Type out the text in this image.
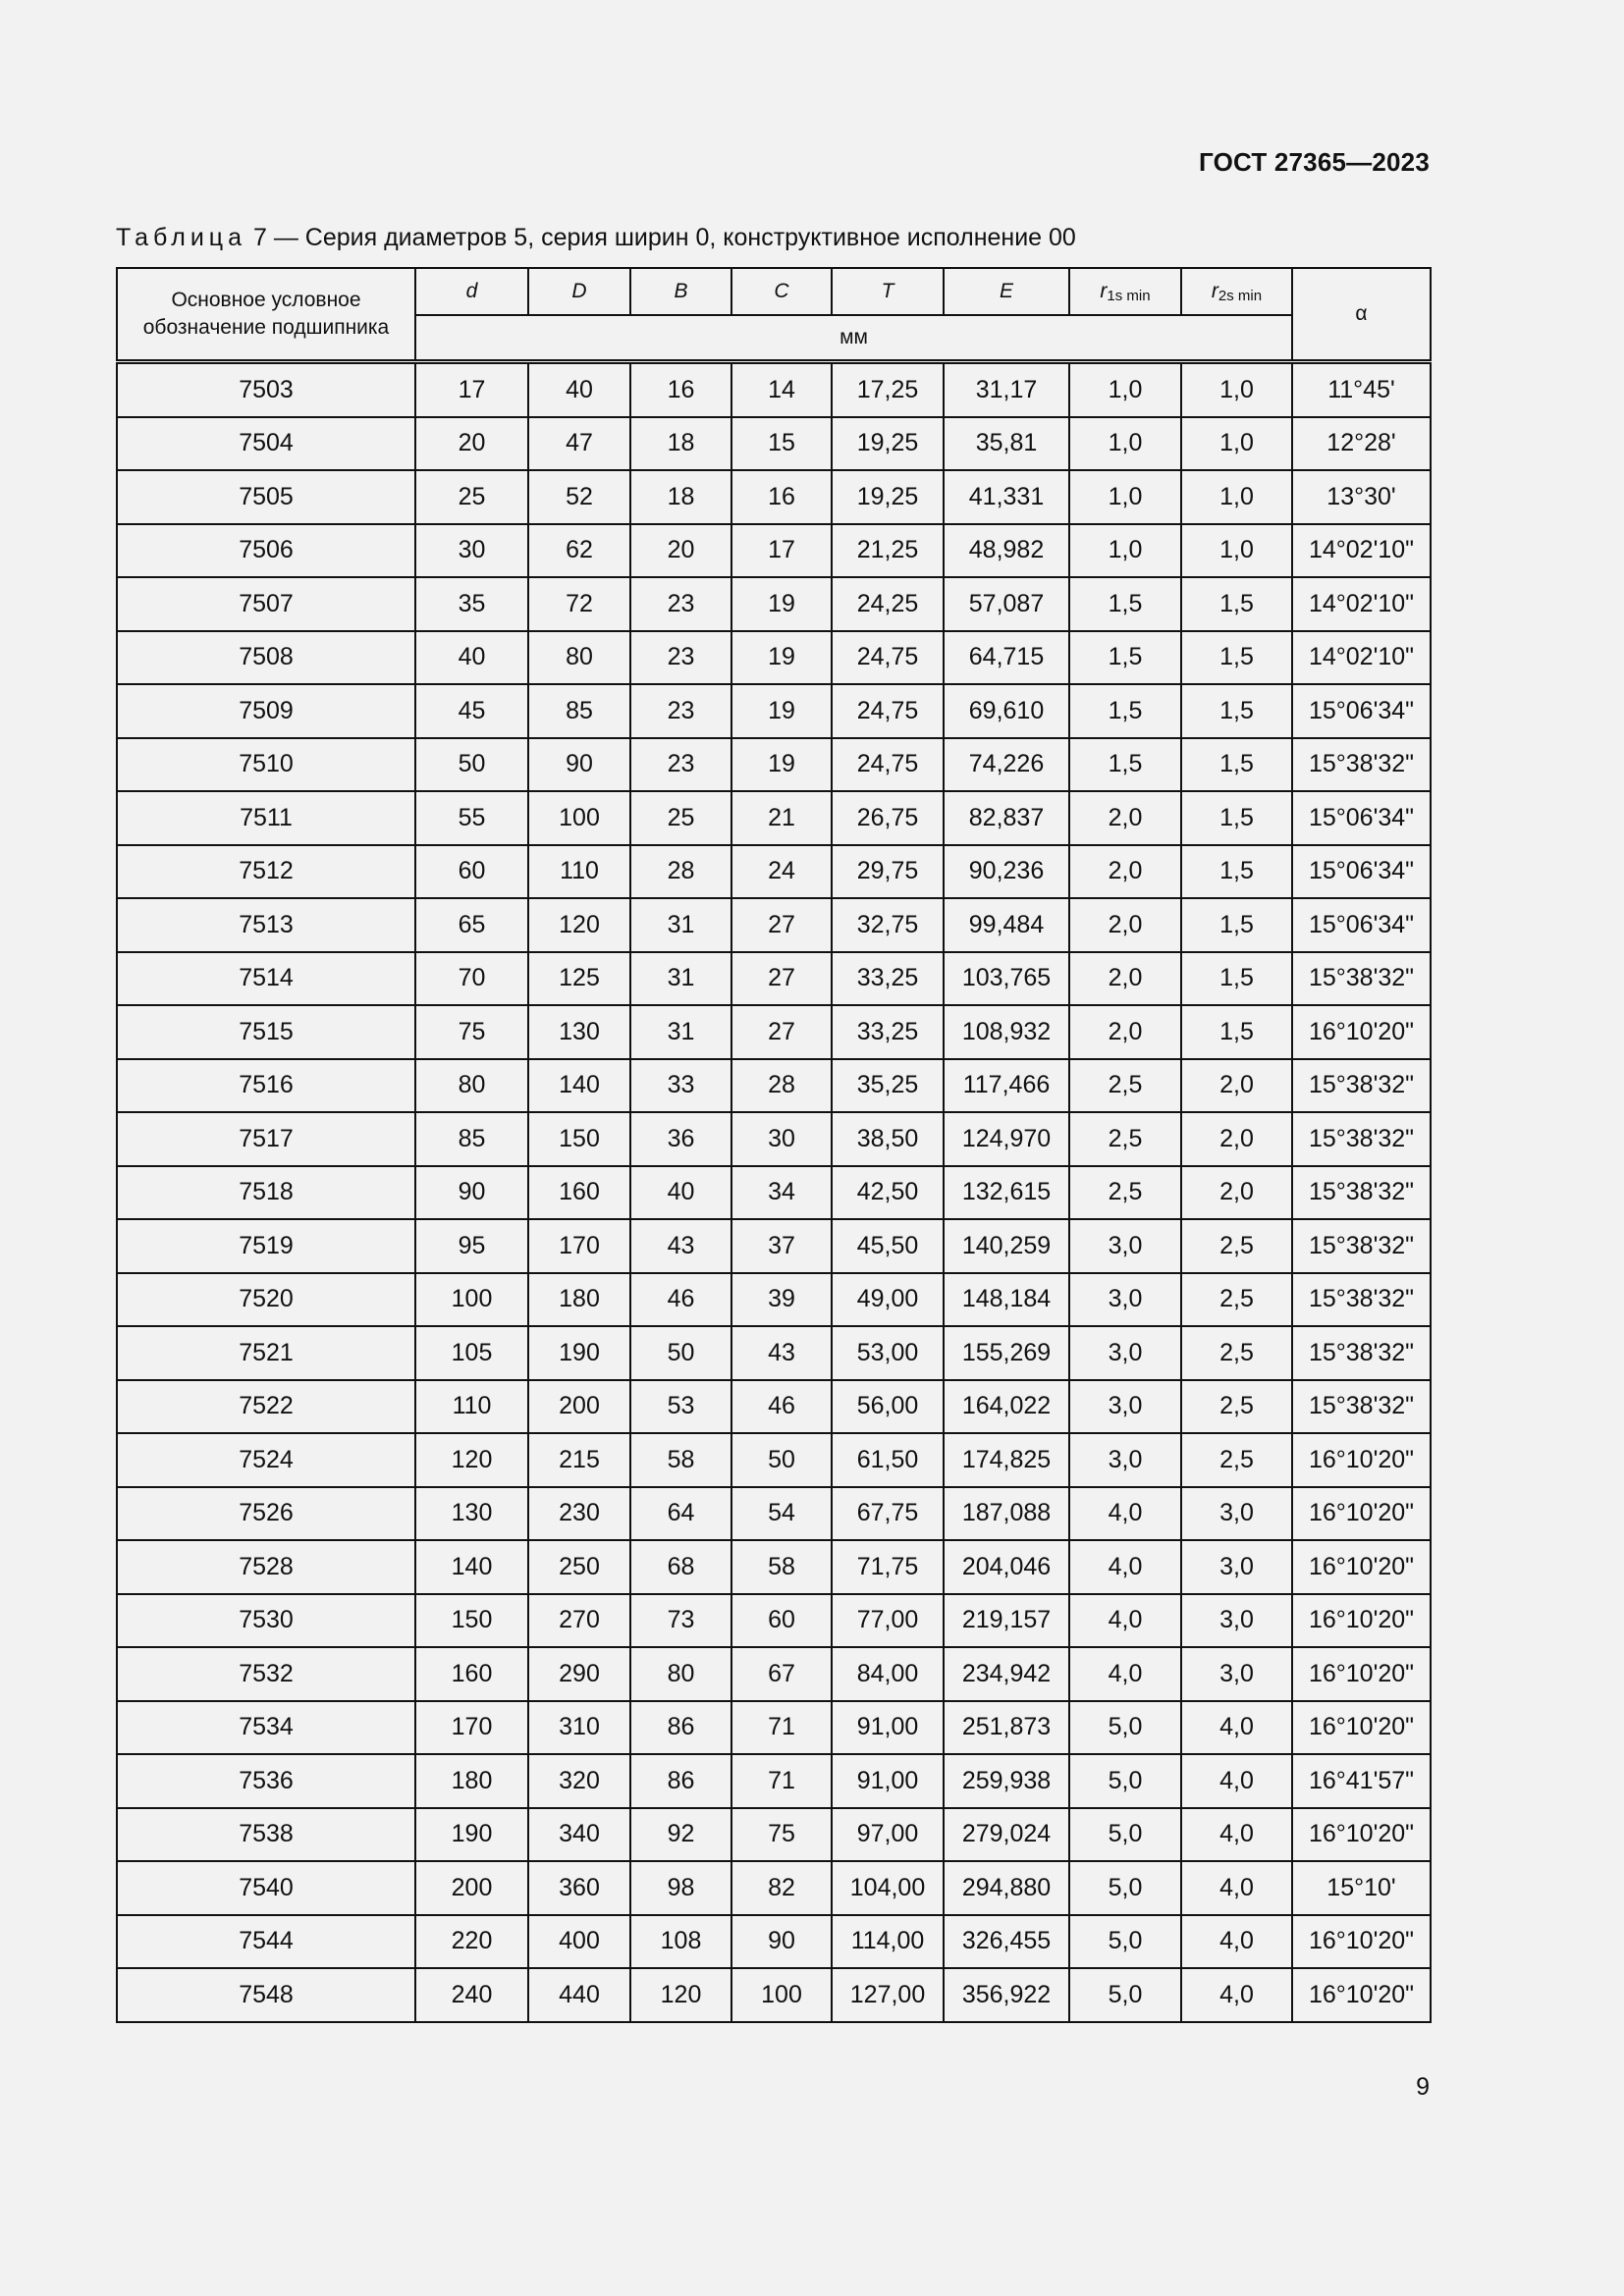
ГОСТ 27365—2023
Таблица 7 — Серия диаметров 5, серия ширин 0, конструктивное исполнение 00
Основное условное обозначение подшипника	d	D	B	C	T	E	$r_{1s min}$	$r_{2s min}$	α
	мм								
7503	17	40	16	14	17,25	31,17	1,0	1,0	11°45'
7504	20	47	18	15	19,25	35,81	1,0	1,0	12°28'
7505	25	52	18	16	19,25	41,331	1,0	1,0	13°30'
7506	30	62	20	17	21,25	48,982	1,0	1,0	14°02'10"
7507	35	72	23	19	24,25	57,087	1,5	1,5	14°02'10"
7508	40	80	23	19	24,75	64,715	1,5	1,5	14°02'10"
7509	45	85	23	19	24,75	69,610	1,5	1,5	15°06'34"
7510	50	90	23	19	24,75	74,226	1,5	1,5	15°38'32"
7511	55	100	25	21	26,75	82,837	2,0	1,5	15°06'34"
7512	60	110	28	24	29,75	90,236	2,0	1,5	15°06'34"
7513	65	120	31	27	32,75	99,484	2,0	1,5	15°06'34"
7514	70	125	31	27	33,25	103,765	2,0	1,5	15°38'32"
7515	75	130	31	27	33,25	108,932	2,0	1,5	16°10'20"
7516	80	140	33	28	35,25	117,466	2,5	2,0	15°38'32"
7517	85	150	36	30	38,50	124,970	2,5	2,0	15°38'32"
7518	90	160	40	34	42,50	132,615	2,5	2,0	15°38'32"
7519	95	170	43	37	45,50	140,259	3,0	2,5	15°38'32"
7520	100	180	46	39	49,00	148,184	3,0	2,5	15°38'32"
7521	105	190	50	43	53,00	155,269	3,0	2,5	15°38'32"
7522	110	200	53	46	56,00	164,022	3,0	2,5	15°38'32"
7524	120	215	58	50	61,50	174,825	3,0	2,5	16°10'20"
7526	130	230	64	54	67,75	187,088	4,0	3,0	16°10'20"
7528	140	250	68	58	71,75	204,046	4,0	3,0	16°10'20"
7530	150	270	73	60	77,00	219,157	4,0	3,0	16°10'20"
7532	160	290	80	67	84,00	234,942	4,0	3,0	16°10'20"
7534	170	310	86	71	91,00	251,873	5,0	4,0	16°10'20"
7536	180	320	86	71	91,00	259,938	5,0	4,0	16°41'57"
7538	190	340	92	75	97,00	279,024	5,0	4,0	16°10'20"
7540	200	360	98	82	104,00	294,880	5,0	4,0	15°10'
7544	220	400	108	90	114,00	326,455	5,0	4,0	16°10'20"
7548	240	440	120	100	127,00	356,922	5,0	4,0	16°10'20"
9
